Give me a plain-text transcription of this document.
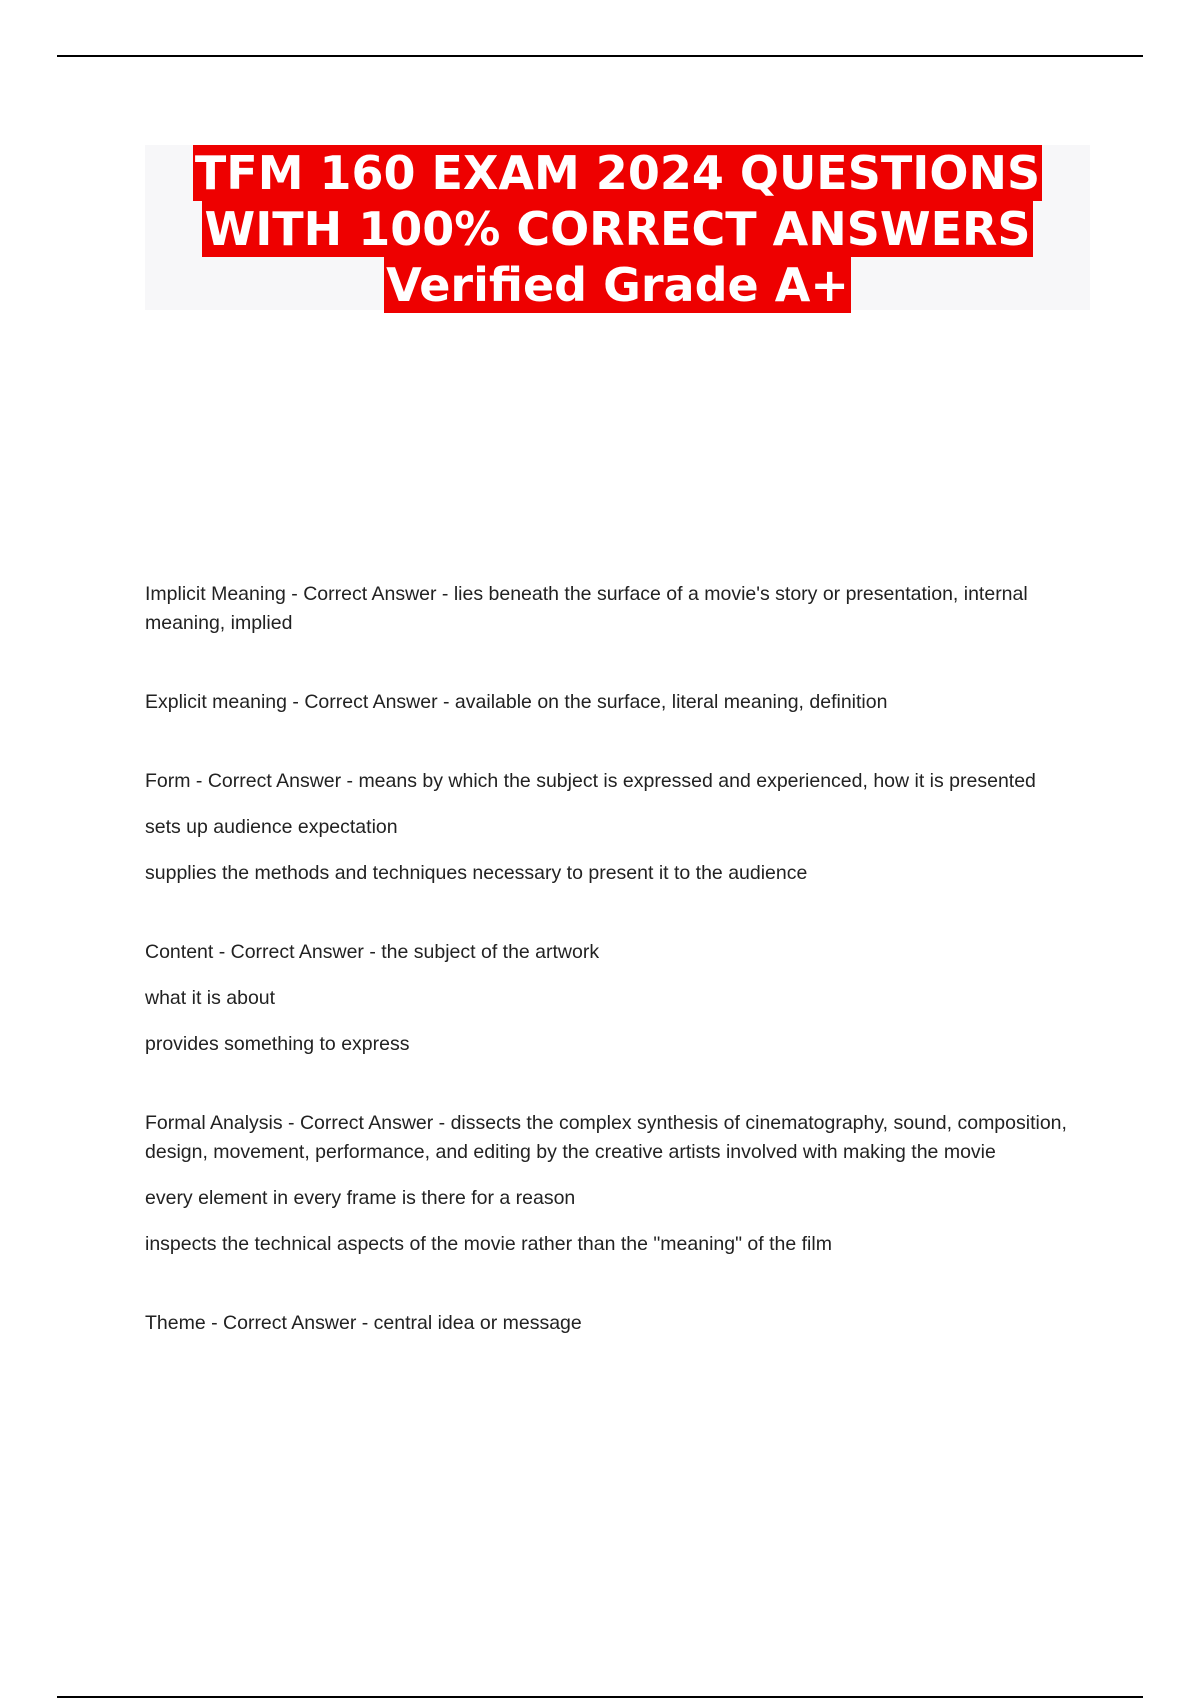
TFM 160 EXAM 2024 QUESTIONS
WITH 100% CORRECT ANSWERS
Verified Grade A+

Implicit Meaning - Correct Answer - lies beneath the surface of a movie's story or presentation, internal meaning, implied

Explicit meaning - Correct Answer - available on the surface, literal meaning, definition

Form - Correct Answer - means by which the subject is expressed and experienced, how it is presented

sets up audience expectation

supplies the methods and techniques necessary to present it to the audience

Content - Correct Answer - the subject of the artwork

what it is about

provides something to express

Formal Analysis - Correct Answer - dissects the complex synthesis of cinematography, sound, composition, design, movement, performance, and editing by the creative artists involved with making the movie

every element in every frame is there for a reason

inspects the technical aspects of the movie rather than the "meaning" of the film

Theme - Correct Answer - central idea or message
